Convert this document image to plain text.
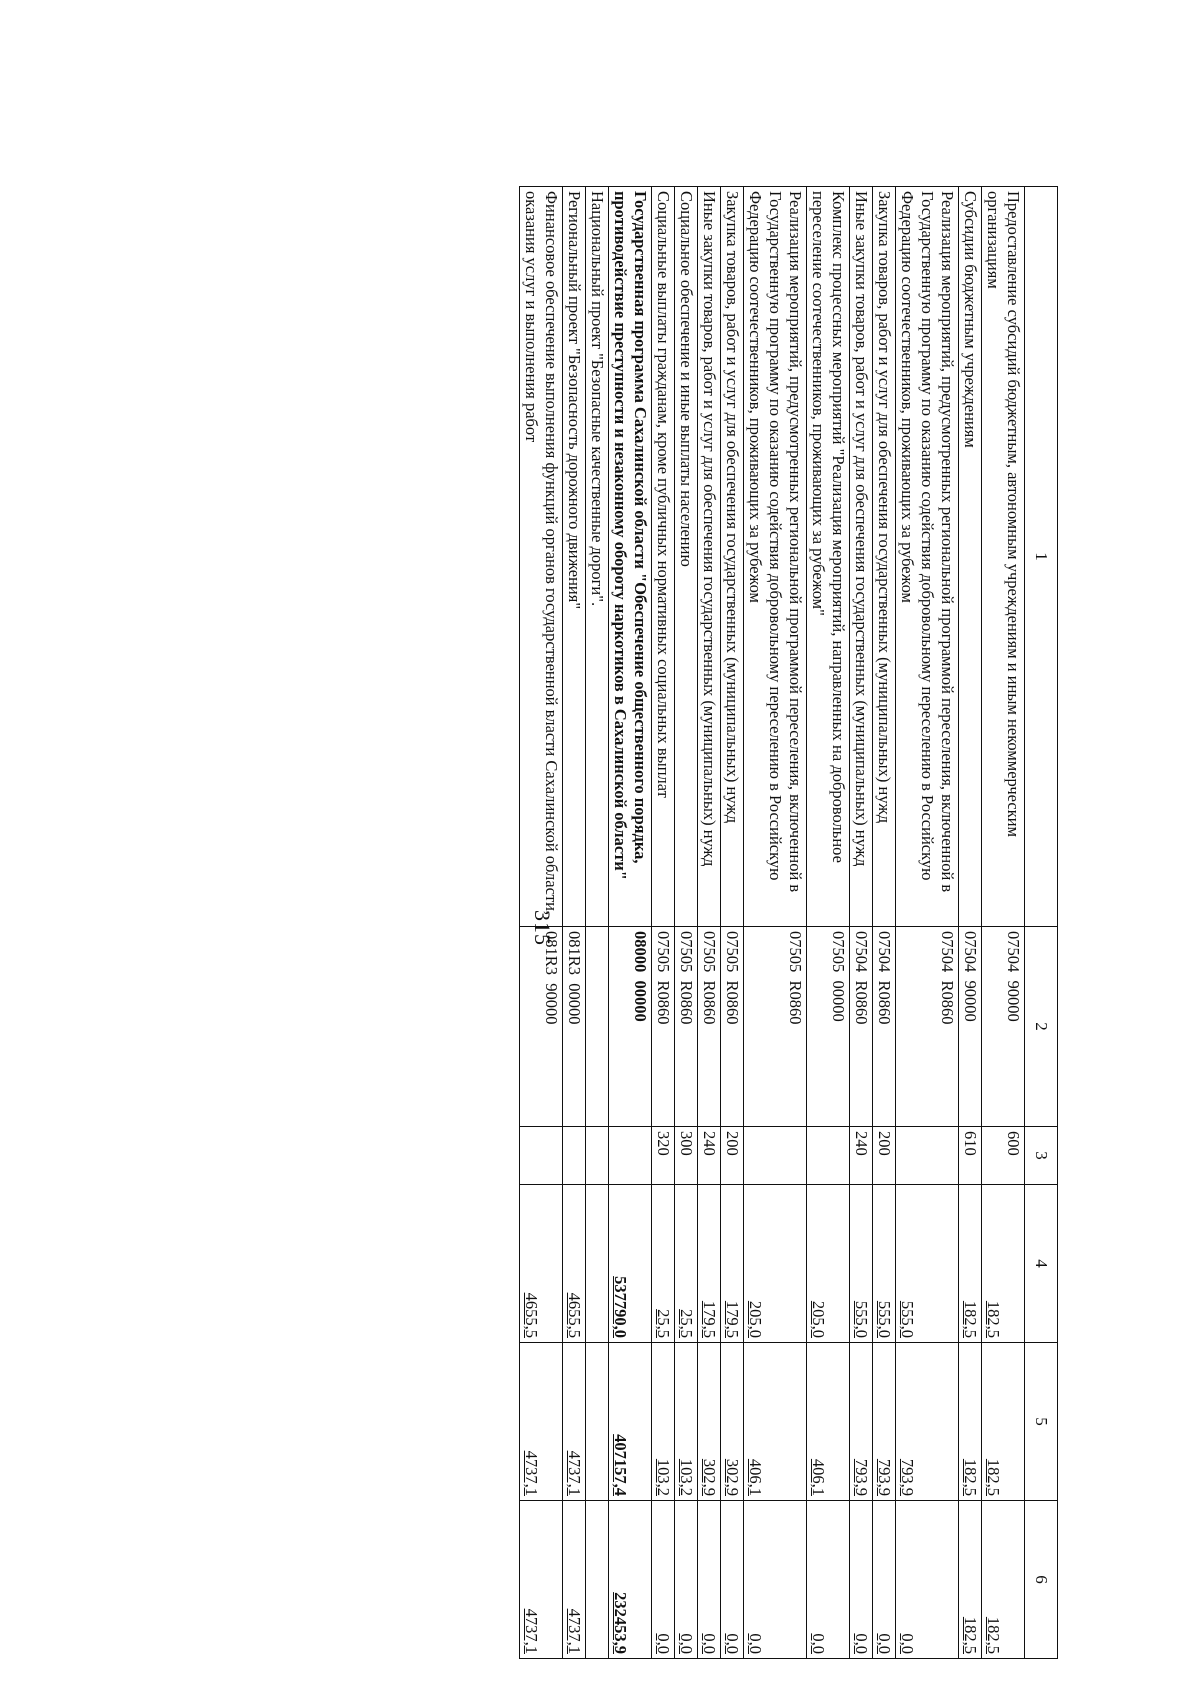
315
1	2	3	4	5	6
Предоставление субсидий бюджетным, автономным учреждениям и иным некоммерческим организациям	07504  90000	600	182,5	182,5	182,5
Субсидии бюджетным учреждениям	07504  90000	610	182,5	182,5	182,5
Реализация мероприятий, предусмотренных региональной программой переселения, включенной в Государственную программу по оказанию содействия добровольному переселению в Российскую Федерацию соотечественников, проживающих за рубежом	07504  R0860		555,0	793,9	0,0
Закупка товаров, работ и услуг для обеспечения государственных (муниципальных) нужд	07504  R0860	200	555,0	793,9	0,0
Иные закупки товаров, работ и услуг для обеспечения государственных (муниципальных) нужд	07504  R0860	240	555,0	793,9	0,0
Комплекс процессных мероприятий "Реализация мероприятий, направленных на добровольное переселение соотечественников, проживающих за рубежом"	07505  00000		205,0	406,1	0,0
Реализация мероприятий, предусмотренных региональной программой переселения, включенной в Государственную программу по оказанию содействия добровольному переселению в Российскую Федерацию соотечественников, проживающих за рубежом	07505  R0860		205,0	406,1	0,0
Закупка товаров, работ и услуг для обеспечения государственных (муниципальных) нужд	07505  R0860	200	179,5	302,9	0,0
Иные закупки товаров, работ и услуг для обеспечения государственных (муниципальных) нужд	07505  R0860	240	179,5	302,9	0,0
Социальное обеспечение и иные выплаты населению	07505  R0860	300	25,5	103,2	0,0
Социальные выплаты гражданам, кроме публичных нормативных социальных выплат	07505  R0860	320	25,5	103,2	0,0
Государственная программа Сахалинской области "Обеспечение общественного порядка, противодействие преступности и незаконному обороту наркотиков в Сахалинской области"	08000  00000		537790,0	407157,4	232453,9
Национальный проект "Безопасные качественные дороги".					
Региональный проект "Безопасность дорожного движения"	081R3  00000		4655,5	4737,1	4737,1
Финансовое обеспечение выполнения функций органов государственной власти Сахалинской области, оказания услуг и выполнения работ	081R3  90000		4655,5	4737,1	4737,1
